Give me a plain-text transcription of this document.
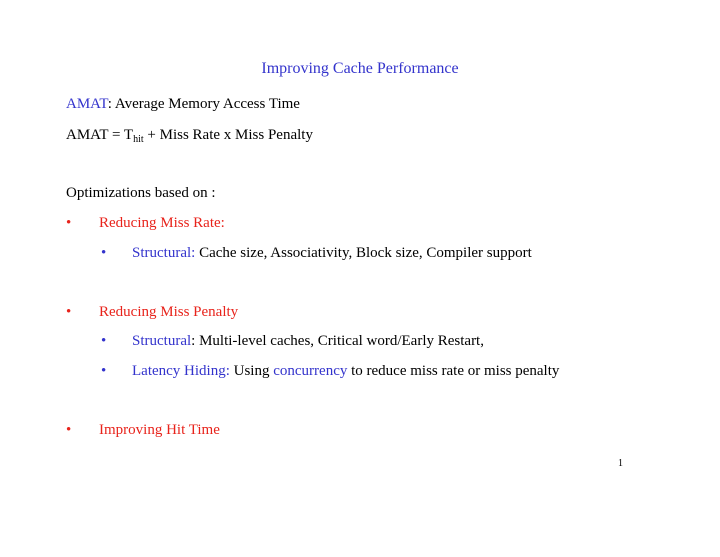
Improving Cache Performance
AMAT: Average Memory Access Time
AMAT = $T_{hit}$ + Miss Rate x Miss Penalty
Optimizations based on :
• Reducing Miss Rate:
• Structural: Cache size, Associativity, Block size, Compiler support
• Reducing Miss Penalty
• Structural: Multi-level caches, Critical word/Early Restart,
• Latency Hiding: Using concurrency to reduce miss rate or miss penalty
• Improving Hit Time
1
